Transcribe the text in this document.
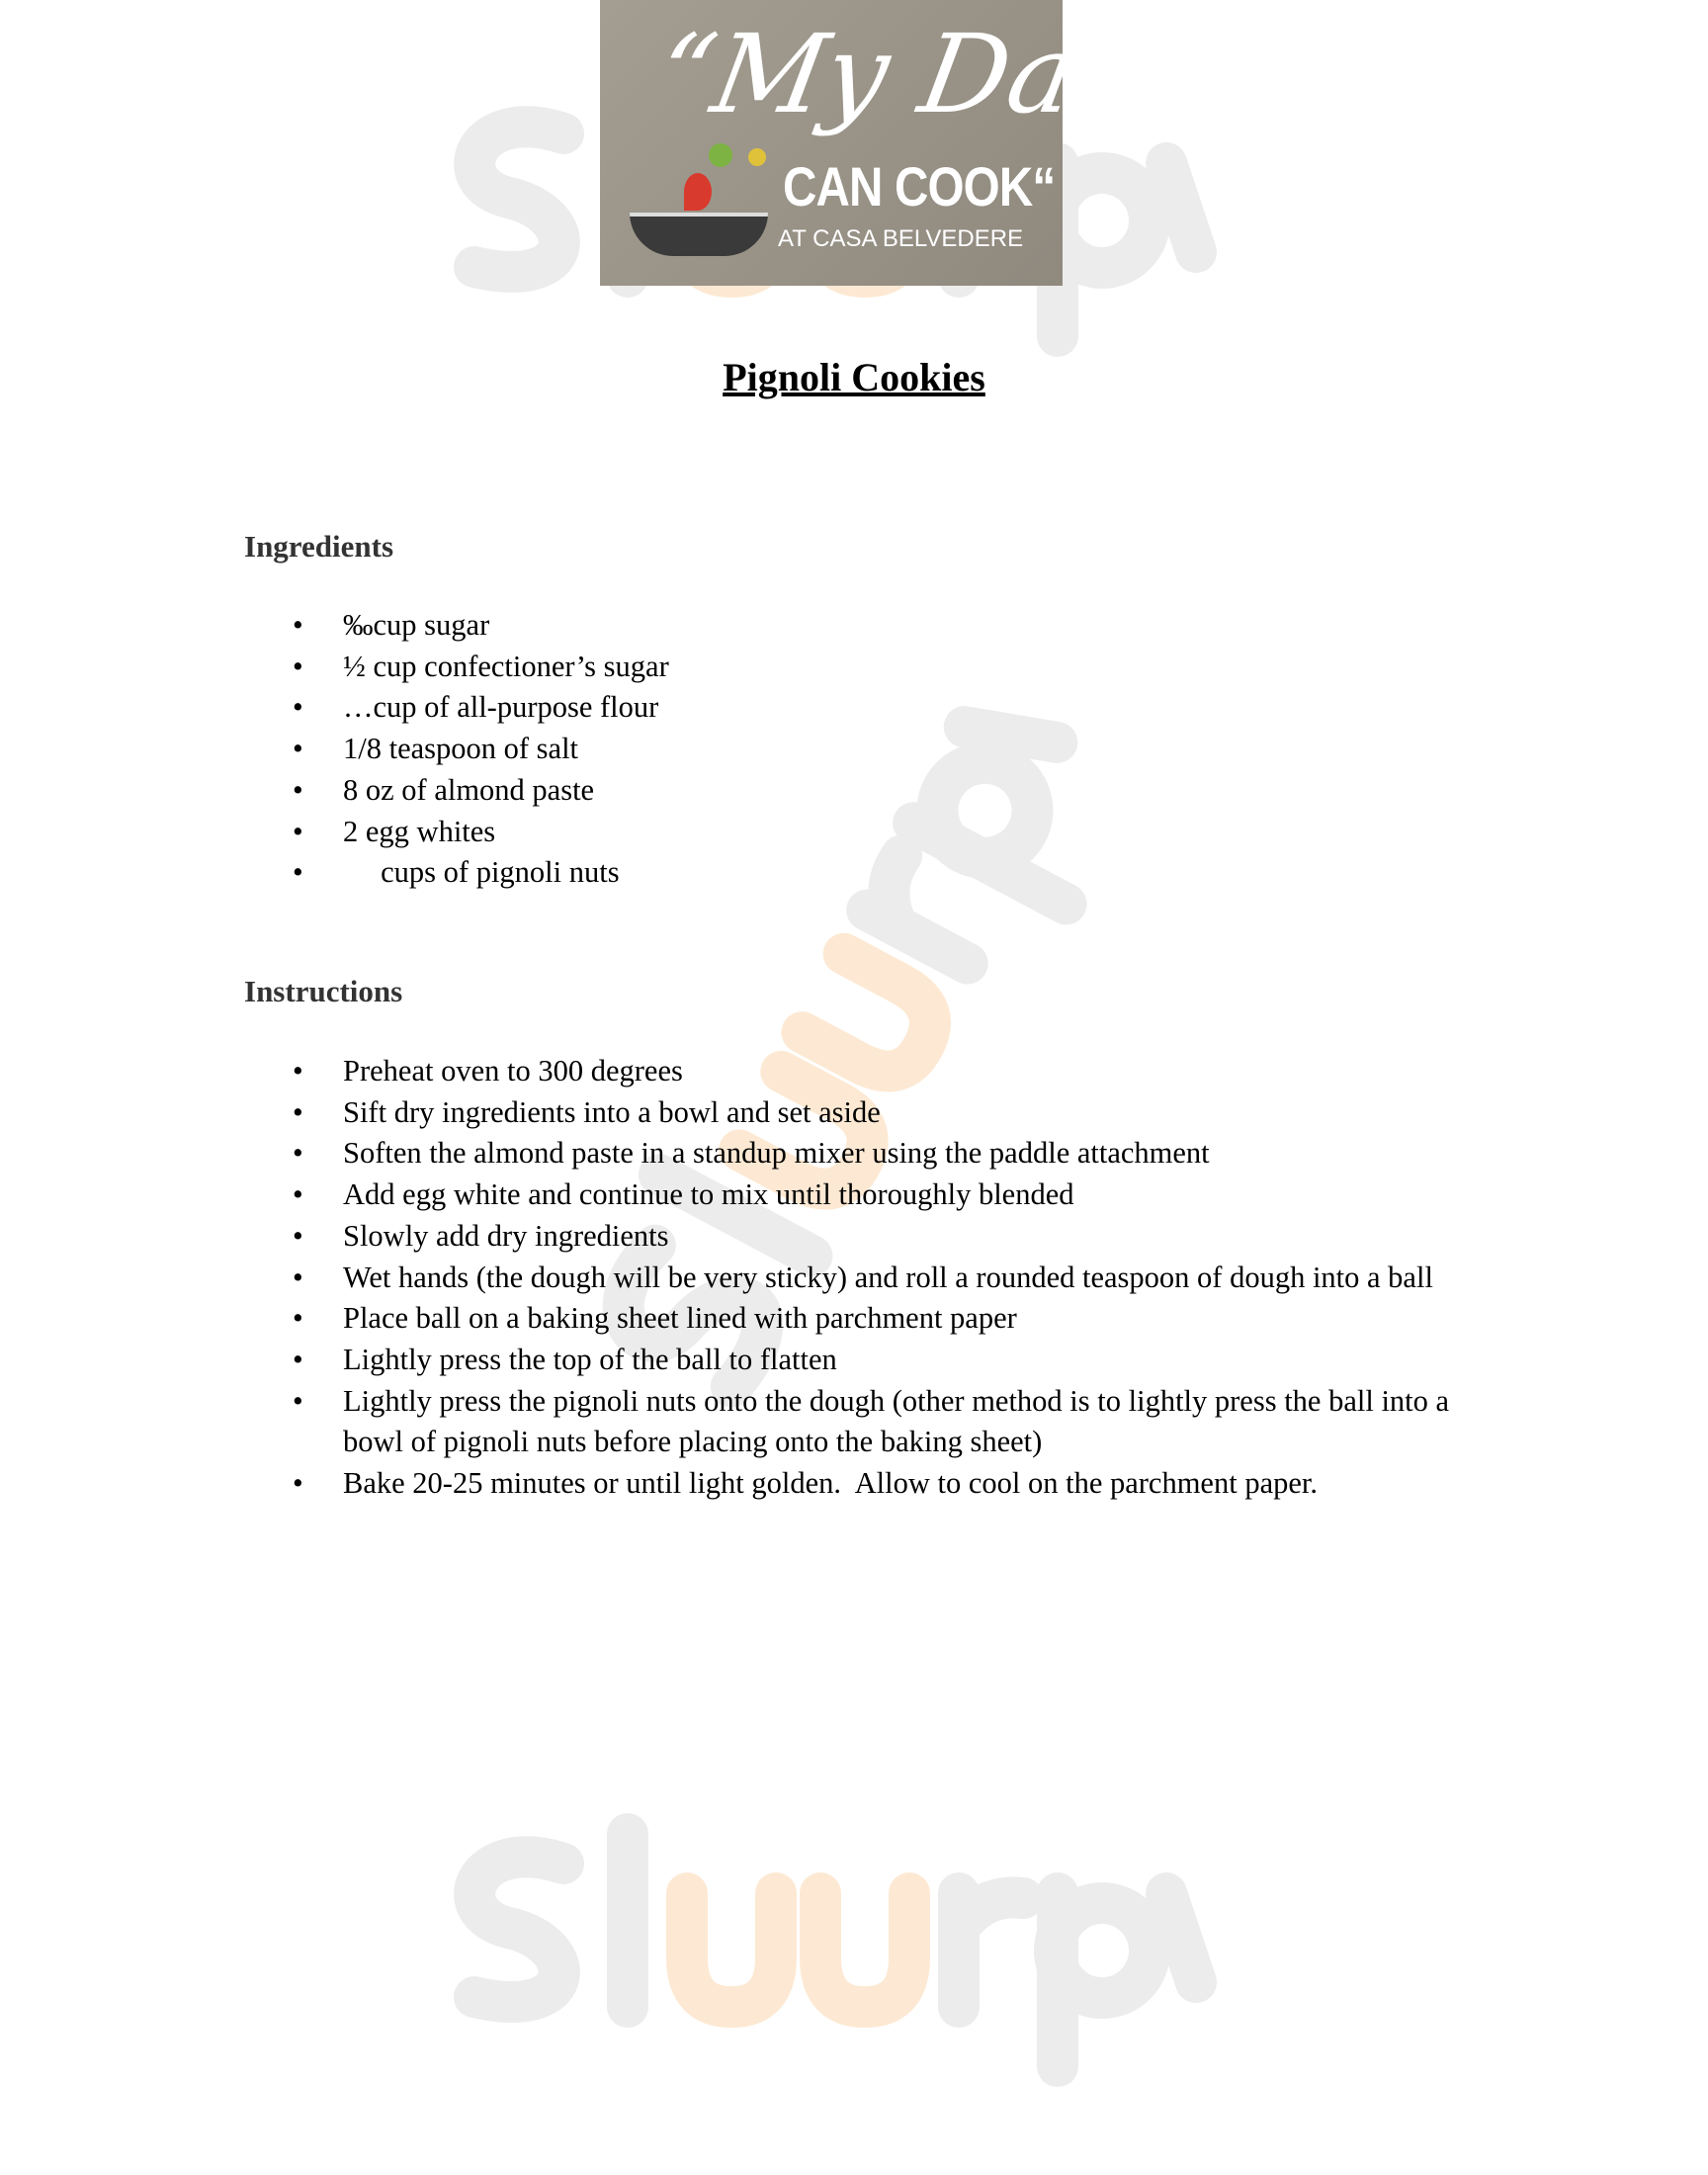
“My Dad
CAN COOK“
AT CASA BELVEDERE
Pignoli Cookies
Ingredients
• ‰cup sugar
• ½ cup confectioner’s sugar
• …cup of all-purpose flour
• 1/8 teaspoon of salt
• 8 oz of almond paste
• 2 egg whites
• cups of pignoli nuts
Instructions
• Preheat oven to 300 degrees
• Sift dry ingredients into a bowl and set aside
• Soften the almond paste in a standup mixer using the paddle attachment
• Add egg white and continue to mix until thoroughly blended
• Slowly add dry ingredients
• Wet hands (the dough will be very sticky) and roll a rounded teaspoon of dough into a ball
• Place ball on a baking sheet lined with parchment paper
• Lightly press the top of the ball to flatten
• Lightly press the pignoli nuts onto the dough (other method is to lightly press the ball into a bowl of pignoli nuts before placing onto the baking sheet)
• Bake 20-25 minutes or until light golden.  Allow to cool on the parchment paper.
